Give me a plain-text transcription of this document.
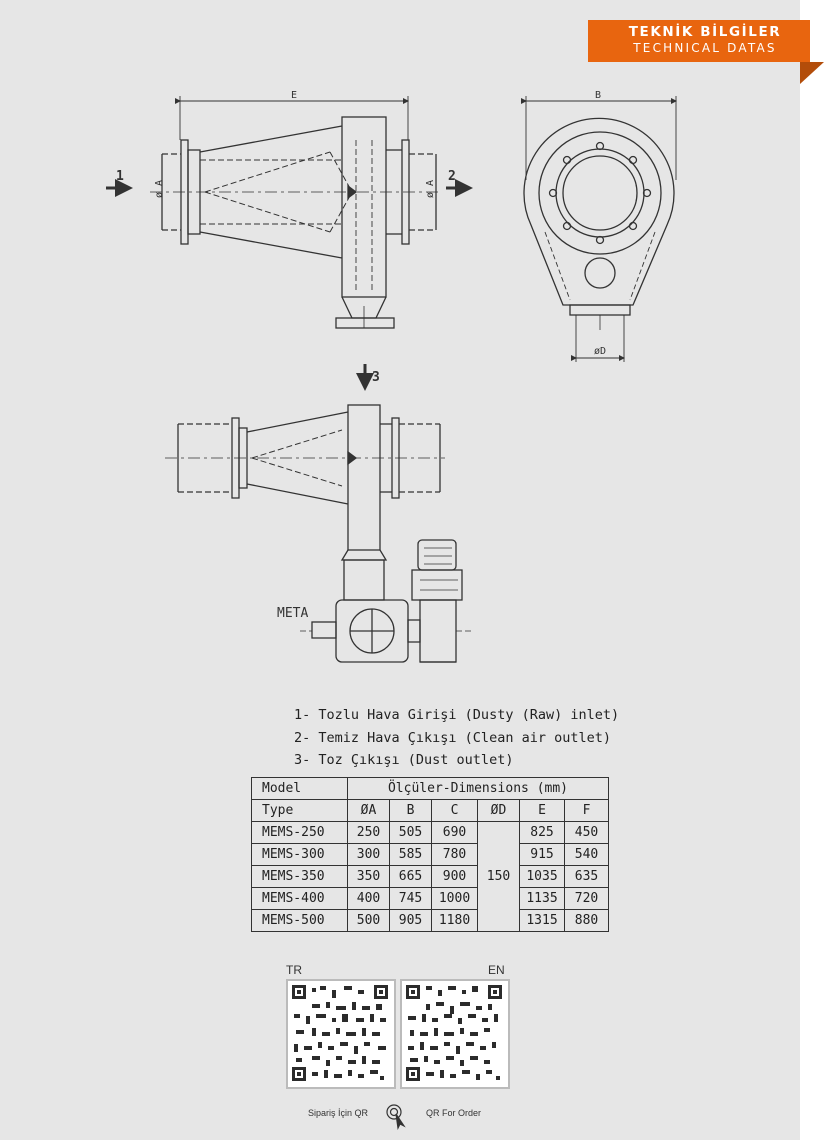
TEKNİK BİLGİLER
TECHNICAL DATAS
E
ø A	ø A
1	2
B
øD
3
META
1- Tozlu Hava Girişi (Dusty (Raw) inlet)
2- Temiz Hava Çıkışı (Clean air outlet)
3- Toz Çıkışı (Dust outlet)
Model	Ölçüler-Dimensions (mm)					
Type	ØA	B	C	ØD	E	F
MEMS-250	250	505	690	150	825	450
MEMS-300	300	585	780		915	540
MEMS-350	350	665	900		1035	635
MEMS-400	400	745	1000		1135	720
MEMS-500	500	905	1180		1315	880
TR	EN
Sipariş İçin QR	QR For Order
